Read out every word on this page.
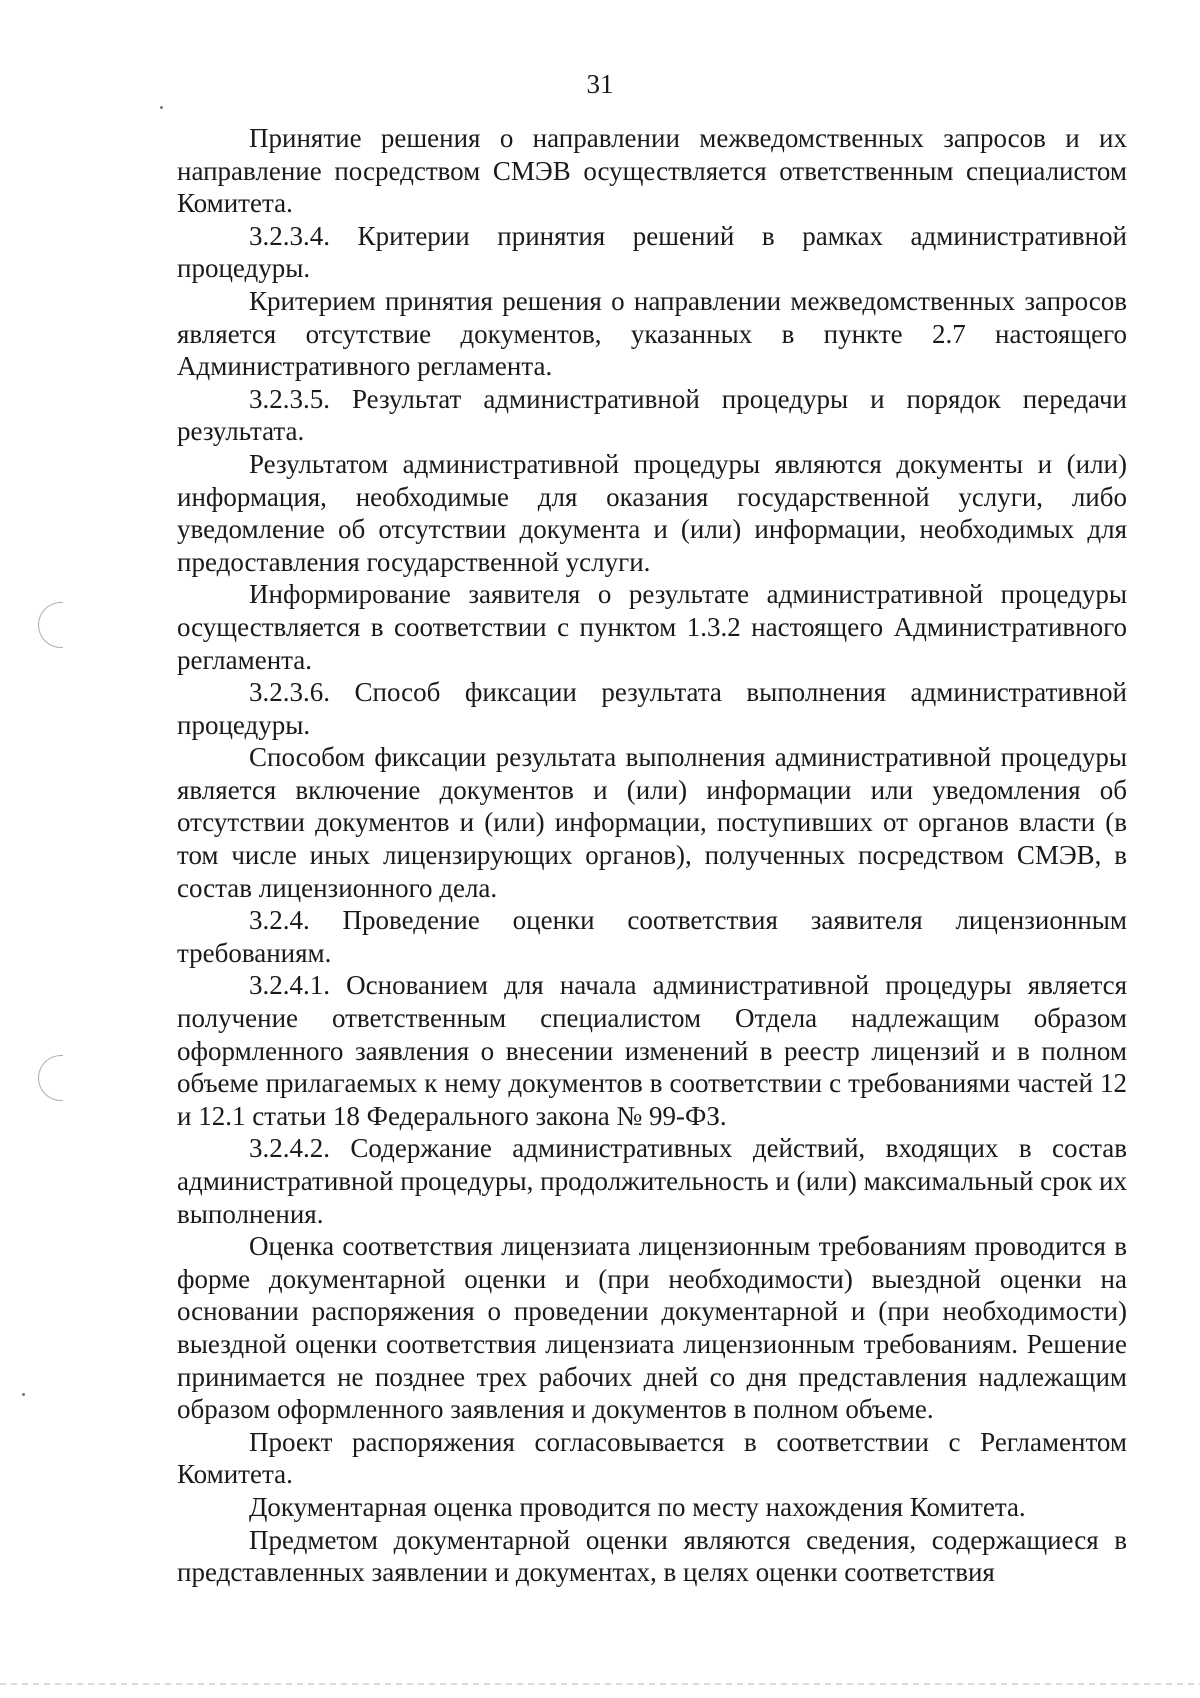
31

Принятие решения о направлении межведомственных запросов и их направление посредством СМЭВ осуществляется ответственным специалистом Комитета.

3.2.3.4. Критерии принятия решений в рамках административной процедуры.

Критерием принятия решения о направлении межведомственных запросов является отсутствие документов, указанных в пункте 2.7 настоящего Административного регламента.

3.2.3.5. Результат административной процедуры и порядок передачи результата.

Результатом административной процедуры являются документы и (или) информация, необходимые для оказания государственной услуги, либо уведомление об отсутствии документа и (или) информации, необходимых для предоставления государственной услуги.

Информирование заявителя о результате административной процедуры осуществляется в соответствии с пунктом 1.3.2 настоящего Административного регламента.

3.2.3.6. Способ фиксации результата выполнения административной процедуры.

Способом фиксации результата выполнения административной процедуры является включение документов и (или) информации или уведомления об отсутствии документов и (или) информации, поступивших от органов власти (в том числе иных лицензирующих органов), полученных посредством СМЭВ, в состав лицензионного дела.

3.2.4. Проведение оценки соответствия заявителя лицензионным требованиям.

3.2.4.1. Основанием для начала административной процедуры является получение ответственным специалистом Отдела надлежащим образом оформленного заявления о внесении изменений в реестр лицензий и в полном объеме прилагаемых к нему документов в соответствии с требованиями частей 12 и 12.1 статьи 18 Федерального закона № 99-ФЗ.

3.2.4.2. Содержание административных действий, входящих в состав административной процедуры, продолжительность и (или) максимальный срок их выполнения.

Оценка соответствия лицензиата лицензионным требованиям проводится в форме документарной оценки и (при необходимости) выездной оценки на основании распоряжения о проведении документарной и (при необходимости) выездной оценки соответствия лицензиата лицензионным требованиям. Решение принимается не позднее трех рабочих дней со дня представления надлежащим образом оформленного заявления и документов в полном объеме.

Проект распоряжения согласовывается в соответствии с Регламентом Комитета.

Документарная оценка проводится по месту нахождения Комитета.

Предметом документарной оценки являются сведения, содержащиеся в представленных заявлении и документах, в целях оценки соответствия
